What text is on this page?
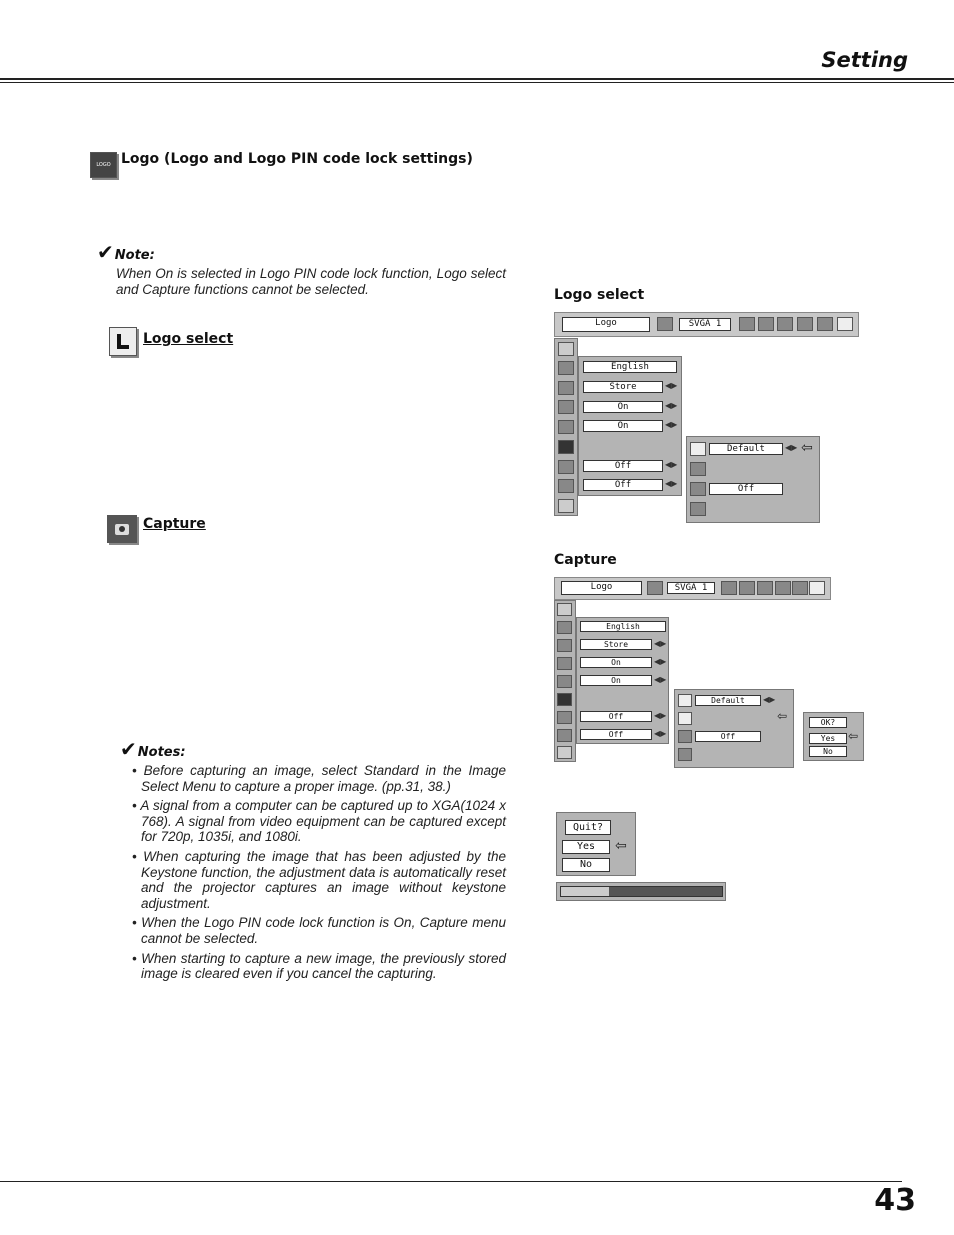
Setting
LOGO Logo (Logo and Logo PIN code lock settings)
✔Note:
When On is selected in Logo PIN code lock function, Logo select and Capture functions cannot be selected.
Logo select
Capture
✔Notes:
• Before capturing an image, select Standard in the Image Select Menu to capture a proper image. (pp.31, 38.)
• A signal from a computer can be captured up to XGA(1024 x 768). A signal from video equipment can be captured except for 720p, 1035i, and 1080i.
• When capturing the image that has been adjusted by the Keystone function, the adjustment data is automatically reset and the projector captures an image without keystone adjustment.
• When the Logo PIN code lock function is On, Capture menu cannot be selected.
• When starting to capture a new image, the previously stored image is cleared even if you cancel the capturing.
Logo select
Logo	SVGA 1
English
Store	◀▶
On	◀▶
On	◀▶
Off	◀▶
Off	◀▶
Default	◀▶ ⇦
Off
Capture
Logo	SVGA 1
English
Store	◀▶
On	◀▶
On	◀▶
Off	◀▶
Off	◀▶
Default	◀▶
⇦
Off
OK?
Yes	⇦
No
Quit?
Yes	⇦
No
43
